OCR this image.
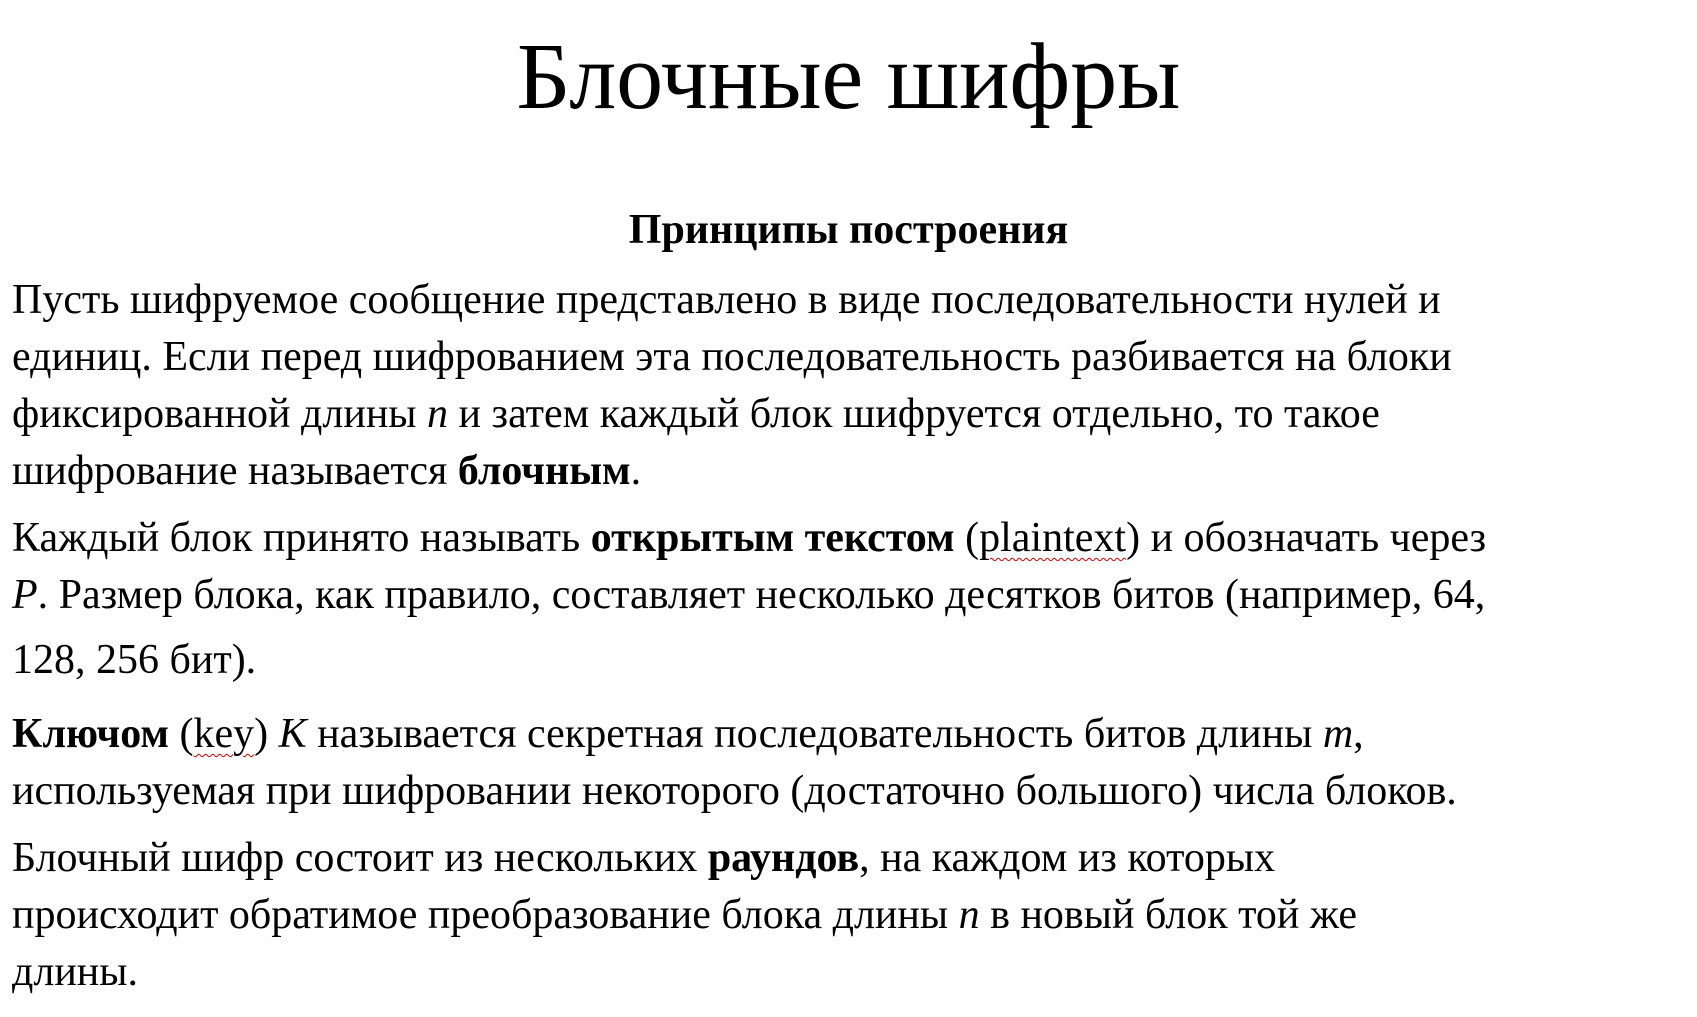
Блочные шифры
Принципы построения

Пусть шифруемое сообщение представлено в виде последовательности нулей и
единиц. Если перед шифрованием эта последовательность разбивается на блоки
фиксированной длины n и затем каждый блок шифруется отдельно, то такое
шифрование называется блочным.

Каждый блок принято называть открытым текстом (plaintext) и обозначать через
P. Размер блока, как правило, составляет несколько десятков битов (например, 64,
128, 256 бит).

Ключом (key) K называется секретная последовательность битов длины m,
используемая при шифровании некоторого (достаточно большого) числа блоков.

Блочный шифр состоит из нескольких раундов, на каждом из которых
происходит обратимое преобразование блока длины n в новый блок той же
длины.
